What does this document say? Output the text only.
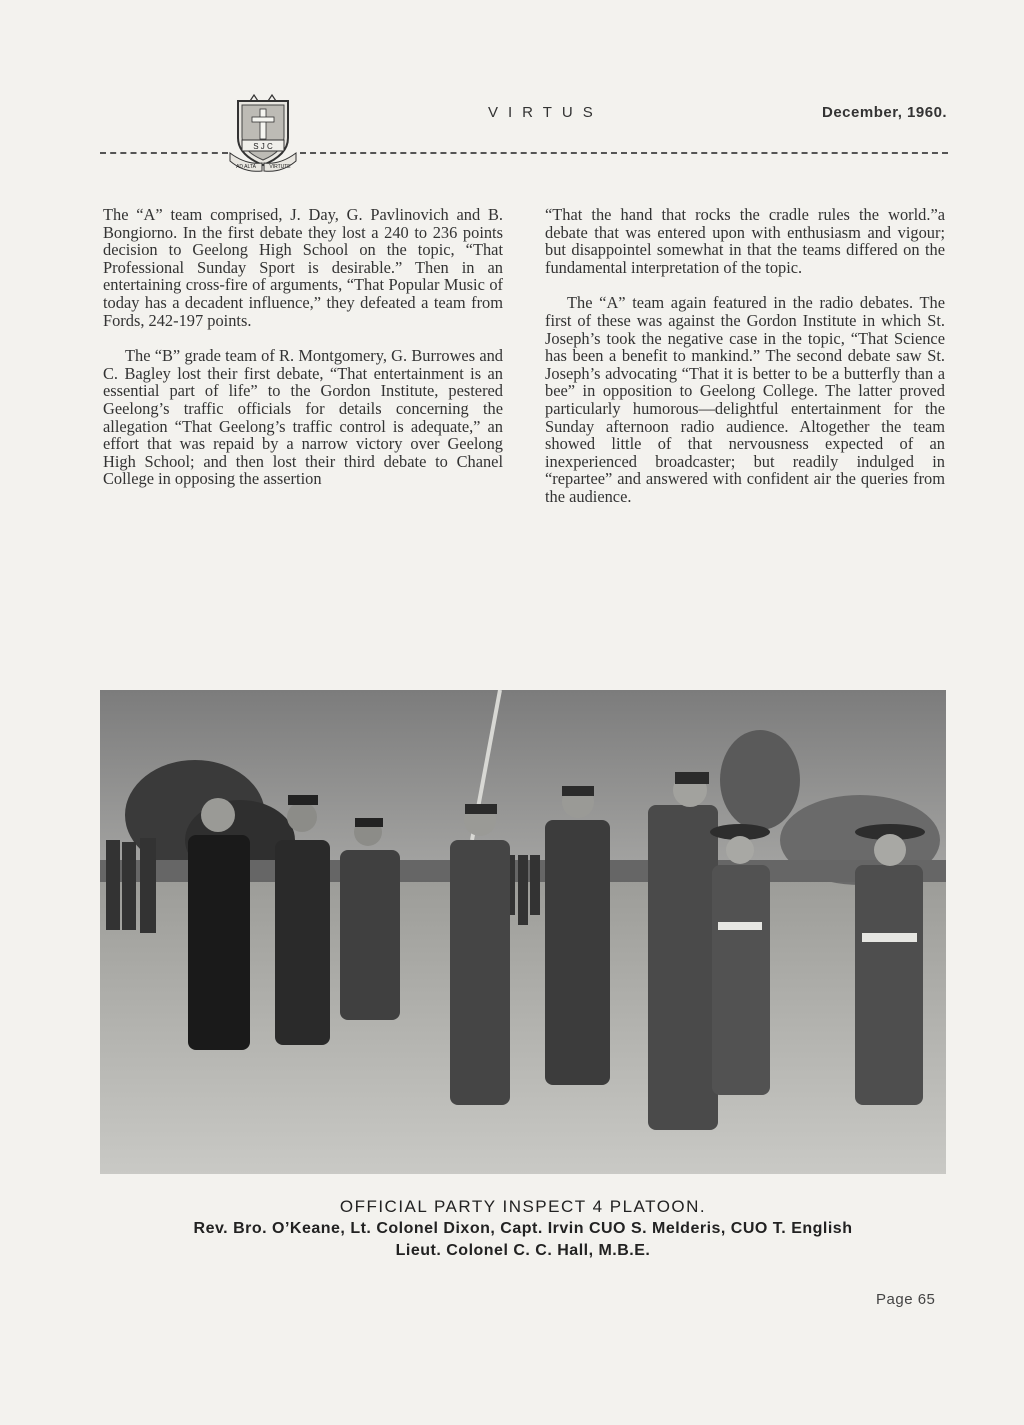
S J C
AD ALTA	VIRTUTE
VIRTUS	December, 1960.

The “A” team comprised, J. Day, G. Pavlinovich and B. Bongiorno. In the first debate they lost a 240 to 236 points decision to Geelong High School on the topic, “That Professional Sunday Sport is desirable.” Then in an entertaining cross-fire of arguments, “That Popular Music of today has a decadent influence,” they defeated a team from Fords, 242-197 points.

The “B” grade team of R. Montgomery, G. Burrowes and C. Bagley lost their first debate, “That entertainment is an essential part of life” to the Gordon Institute, pestered Geelong’s traffic officials for details concerning the allegation “That Geelong’s traffic control is adequate,” an effort that was repaid by a narrow victory over Geelong High School; and then lost their third debate to Chanel College in opposing the assertion

“That the hand that rocks the cradle rules the world.”a debate that was entered upon with enthusiasm and vigour; but disappointel somewhat in that the teams differed on the fundamental interpretation of the topic.

The “A” team again featured in the radio debates. The first of these was against the Gordon Institute in which St. Joseph’s took the negative case in the topic, “That Science has been a benefit to mankind.” The second debate saw St. Joseph’s advocating “That it is better to be a butterfly than a bee” in opposition to Geelong College. The latter proved particularly humorous—delightful entertainment for the Sunday afternoon radio audience. Altogether the team showed little of that nervousness expected of an inexperienced broadcaster; but readily indulged in “repartee” and answered with confident air the queries from the audience.

OFFICIAL PARTY INSPECT 4 PLATOON.
Rev. Bro. O’Keane, Lt. Colonel Dixon, Capt. Irvin CUO S. Melderis, CUO T. English
Lieut. Colonel C. C. Hall, M.B.E.
Page 65
